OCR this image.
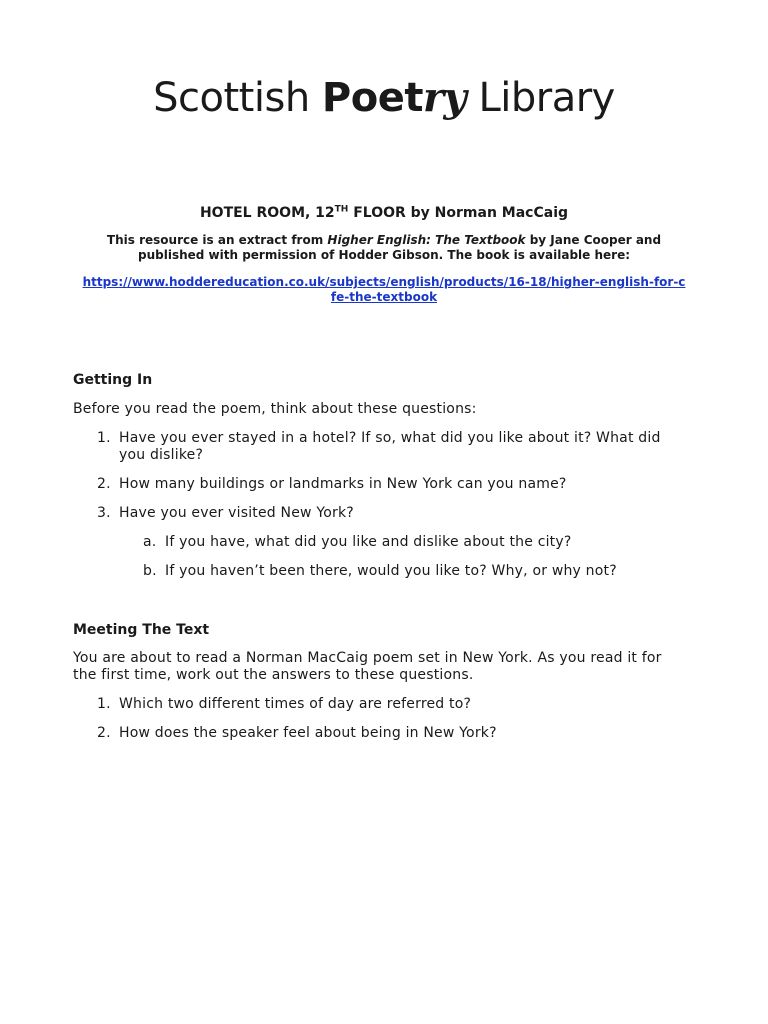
Scottish Poetry Library

HOTEL ROOM, 12TH FLOOR by Norman MacCaig

This resource is an extract from Higher English: The Textbook by Jane Cooper and published with permission of Hodder Gibson. The book is available here:

https://www.hoddereducation.co.uk/subjects/english/products/16-18/higher-english-for-cfe-the-textbook

Getting In

Before you read the poem, think about these questions:

1. Have you ever stayed in a hotel? If so, what did you like about it? What did you dislike?
2. How many buildings or landmarks in New York can you name?
3. Have you ever visited New York?
a. If you have, what did you like and dislike about the city?
b. If you haven’t been there, would you like to? Why, or why not?

Meeting The Text

You are about to read a Norman MacCaig poem set in New York. As you read it for the first time, work out the answers to these questions.

1. Which two different times of day are referred to?
2. How does the speaker feel about being in New York?
